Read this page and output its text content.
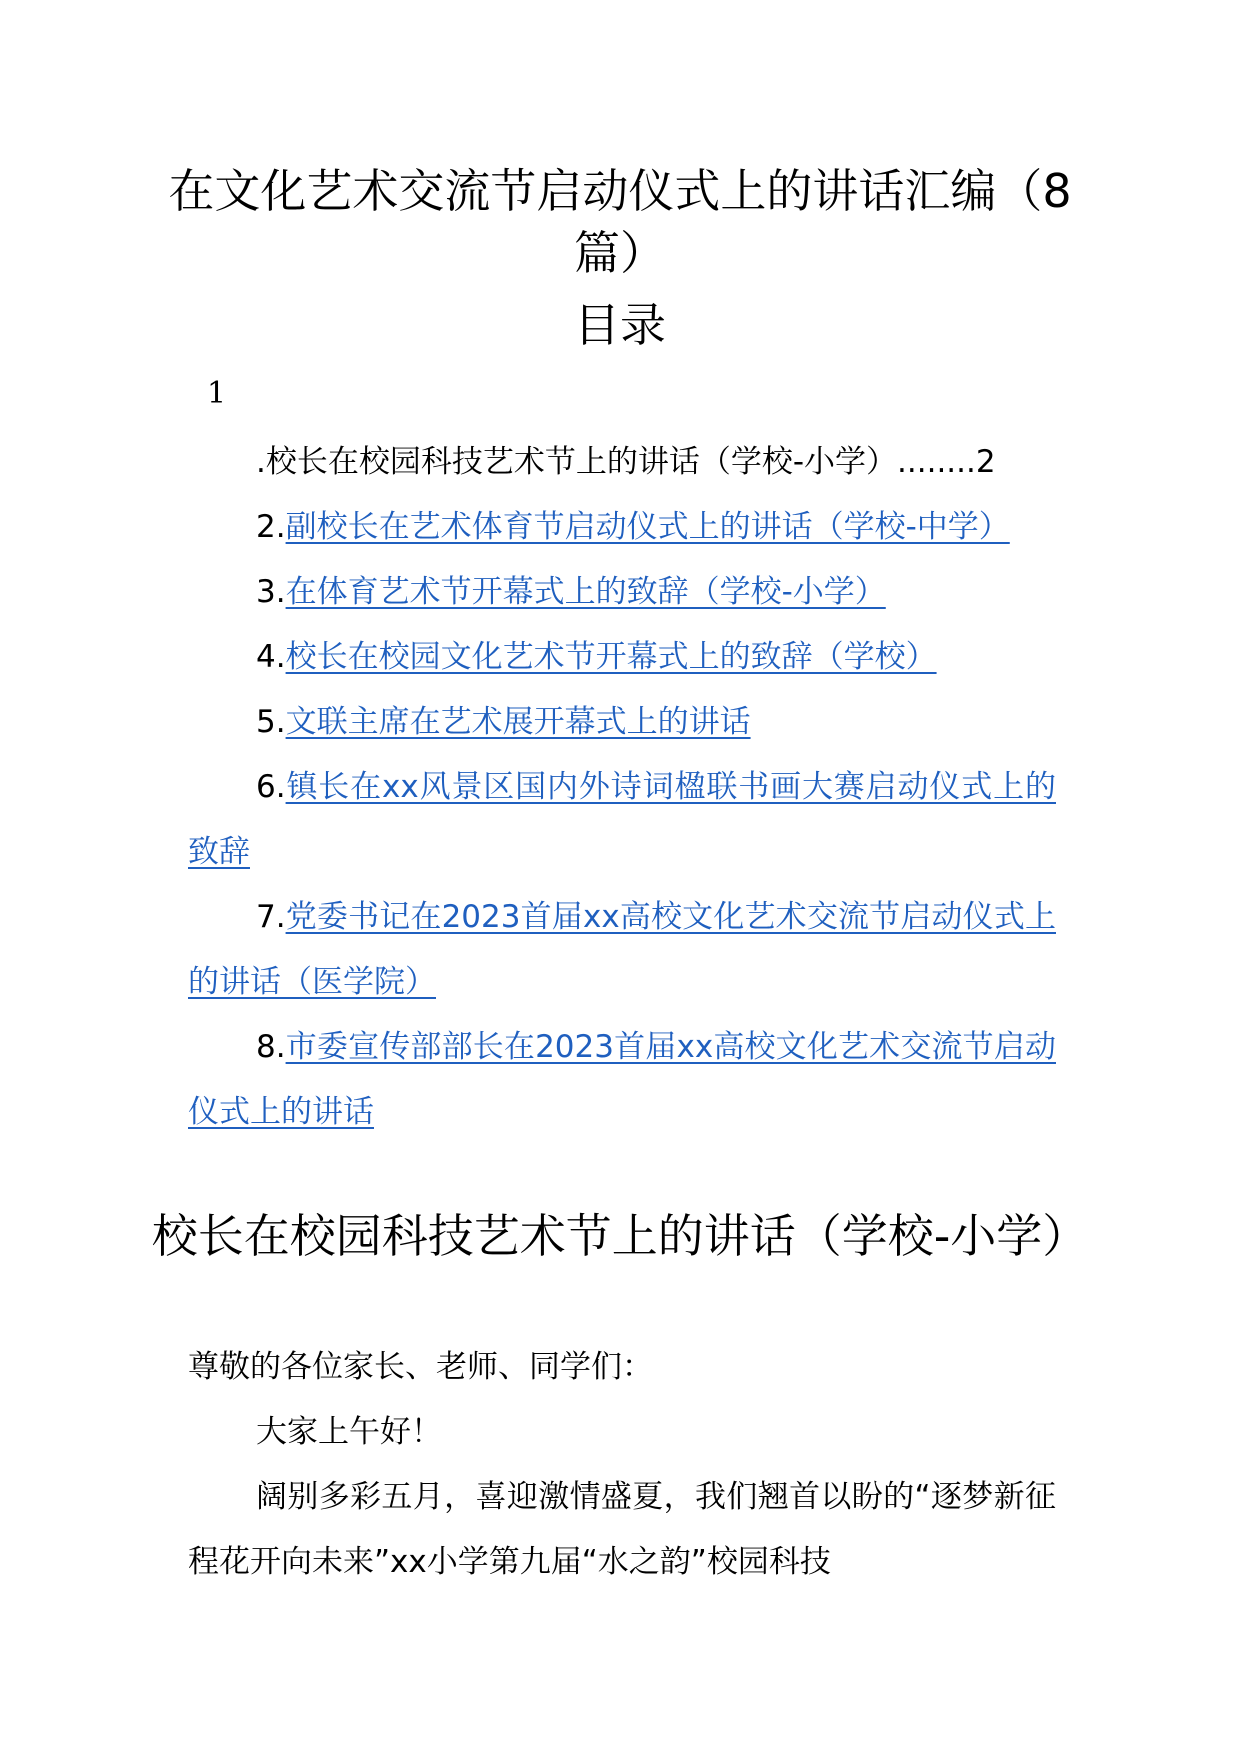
在文化艺术交流节启动仪式上的讲话汇编（8篇）
目录
1

.校长在校园科技艺术节上的讲话（学校-小学）........2

2.副校长在艺术体育节启动仪式上的讲话（学校-中学）

3.在体育艺术节开幕式上的致辞（学校-小学）

4.校长在校园文化艺术节开幕式上的致辞（学校）

5.文联主席在艺术展开幕式上的讲话

6.镇长在xx风景区国内外诗词楹联书画大赛启动仪式上的致辞

7.党委书记在2023首届xx高校文化艺术交流节启动仪式上的讲话（医学院）

8.市委宣传部部长在2023首届xx高校文化艺术交流节启动仪式上的讲话

校长在校园科技艺术节上的讲话（学校-小学）

尊敬的各位家长、老师、同学们：

大家上午好！

阔别多彩五月，喜迎激情盛夏，我们翘首以盼的“逐梦新征程花开向未来”xx小学第九届“水之韵”校园科技
